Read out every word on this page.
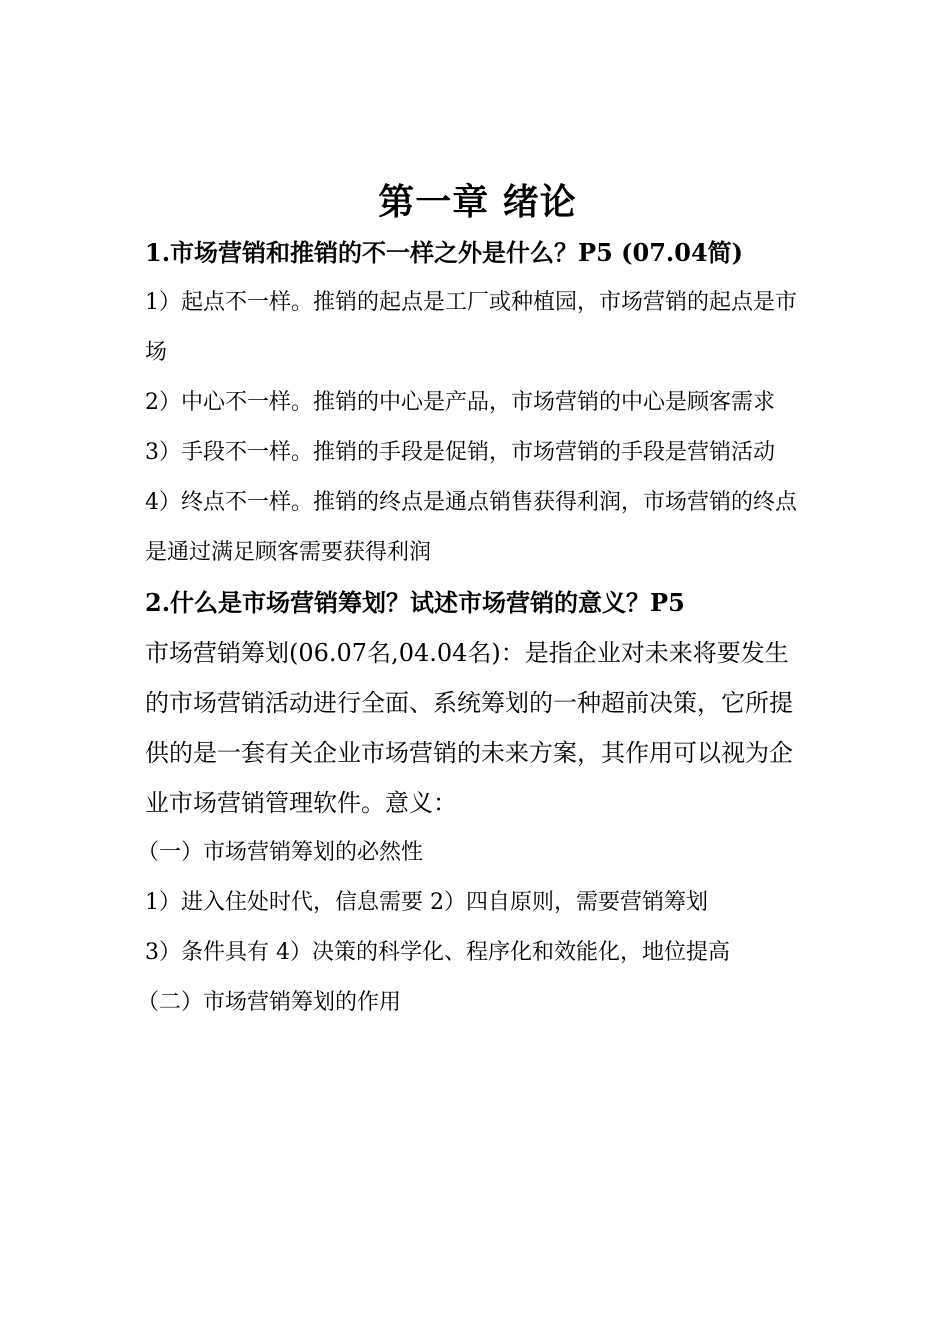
第一章 绪论

1.市场营销和推销的不一样之外是什么？P5 (07.04简)

1）起点不一样。推销的起点是工厂或种植园，市场营销的起点是市场

2）中心不一样。推销的中心是产品，市场营销的中心是顾客需求

3）手段不一样。推销的手段是促销，市场营销的手段是营销活动

4）终点不一样。推销的终点是通点销售获得利润，市场营销的终点是通过满足顾客需要获得利润

2.什么是市场营销筹划？试述市场营销的意义？P5

市场营销筹划(06.07名,04.04名)：是指企业对未来将要发生的市场营销活动进行全面、系统筹划的一种超前决策，它所提供的是一套有关企业市场营销的未来方案，其作用可以视为企业市场营销管理软件。意义：

（一）市场营销筹划的必然性

1）进入住处时代，信息需要 2）四自原则，需要营销筹划

3）条件具有 4）决策的科学化、程序化和效能化，地位提高

（二）市场营销筹划的作用
